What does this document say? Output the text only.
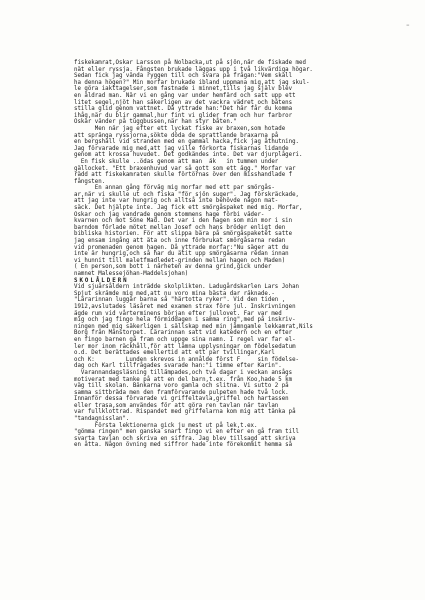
-
fiskekamrat,Oskar Larsson på Nolbacka,ut på sjön,när de fiskade med
nät eller ryssja. Fångsten brukade läggas upp i två likvärdiga högar.
Sedan fick jag vända ryggen till och svara på frågan:"Vem skall
ha denna högen?" Min morfar brukade ibland uppmana mig,att jag skul-
le göra iakttagelser,som fastnade i minnet,tills jag själv blev
en äldrad man. När vi en gång var under hemfärd och satt upp ett
litet segel,njöt han säkerligen av det vackra vädret och båtens
stilla glid genom vattnet. Då yttrade han:"Det här får du komma
ihåg,när du blir gammal,hur fint vi glider fram och hur farbror
Oskar vänder på tuggbussen,när han styr båten."
Men när jag efter ett lyckat fiske av braxen,som hotade
att spränga ryssjorna,sökte döda de sprattlande braxarna på
en bergshäll vid stranden med en gammal hacka,fick jag åthutning.
Jag förvarade mig med,att jag ville förkorta fiskarnas lidande
genom att krossa huvudet. Det godkändes inte. Det var djurplågeri.
En fisk skulle ..ödas genom att man  ák   in tummen under
gällocket. "Ett braxenhuvud var så gott som ett ägg." Morfar var
rädd att fiskekamraten skulle förtörnas över den misshandlade f
fångsten.
En annan gång förväg mig morfar med ett par smörgås-
ar,när vi skulle ut och fiska "för sjön suger". Jag förskräckade,
att jag inte var hungrig och alltså inte behövde någon mat-
säck. Det hjälpte inte. Jag fick ett smörgåspaket med mig. Morfar,
Oskar och jag vandrade genom stommens hage förbi väder-
kvarnen och mot Söne Mad. Det var i den hagen som min mor i sin
barndom förlade mötet mellan Josef och hans bröder enligt den
bibliska historien. För att slippa bära på smörgåspaketet satte
jag ensam ingång att äta och inne förbrukat smörgåsarna redan
vid promenaden genom hagen. Då yttrade morfar:"Nu säger att du
inte är hungrig,och så har du ätit upp smörgåsarna redan innan
vi hunnit till maletfmadledet-grinden mellan hagen och Maden)
( En person,som bott i närheten av denna grind,gick under
namnet Malessejöhan-Maddelsjohan)
SKOLÅLDERN
Vid sjuårsåldern inträdde skolplikten. Ladugårdskarlen Lars Johan
Spjut skrämde mig med,att nu voro mina bästa dar räknade.-
"Lärarinnan luggar barna så "härtotta ryker". Vid den tiden ,
1912,avslutades läsåret med examen strax före jul. Inskrivningen
ägde rum vid vårterminens början efter jullovet. Far var med
mig och jag fingo hela förmiddagen i samma ring",med på inskriv-
ningen med mig säkerligen i sällskap med min jämngamle lekkamrat,Nils
Borg från Månstorpet. Lärarinnan satt vid katedern och en efter
en fingo barnen gå fram och uppge sina namn. I regel var far el-
ler mor inom räckhåll,för att lämna upplysningar om födelsedatum
o.d. Det berättades emellertid att ett par tvillingar,Karl
och K:         Lunden skrevos in annålde först F     sin födelse-
dag och Karl tillfrågades svarade han:"i timme efter Karin".
Varannandagsläsning tillämpades,och två dagar i veckan ansågs
motiverat med tanke på att en del barn,t.ex. från Koo,hade 5 km
väg till skolan. Bänkarna voro gamla och slitna. Vi sutto 2 på
samma sittbräda men den framförvarande pulpeten hade två lock.
Innanför dessa förvarade vi griffeltavla,griffel och hartassen
eller trasa,som användes för att göra ren tavlan när tavlan
var fullklottrad. Rispandet med griffelarna kom mig att tänka på
"tandagnisslan".
Första lektionerna gick ju mest ut på lek,t.ex.
"gömma ringen" men ganska snart fingo vi en efter en gå fram till
svarta tavlan och skriva en siffra. Jag blev tillsagd att skriva
en åtta. Någon övning med siffror hade inte förekommit hemma så
